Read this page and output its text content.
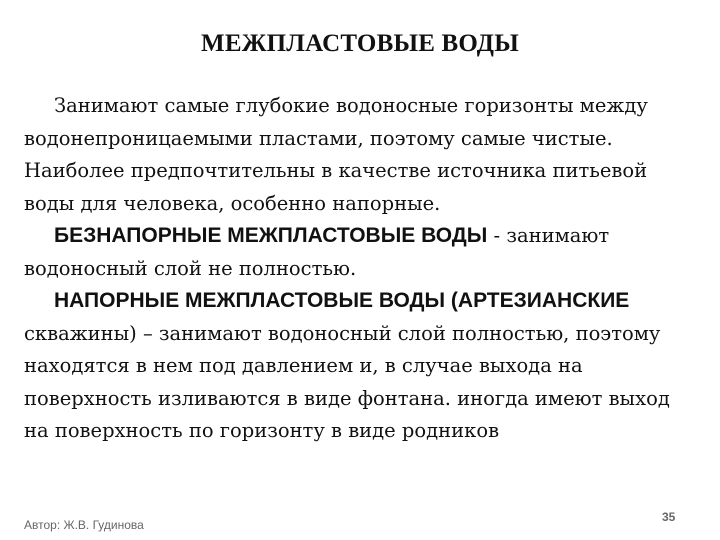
МЕЖПЛАСТОВЫЕ ВОДЫ

Занимают самые глубокие водоносные горизонты между водонепроницаемыми пластами, поэтому самые чистые. Наиболее предпочтительны в качестве источника питьевой воды для человека, особенно напорные.

БЕЗНАПОРНЫЕ МЕЖПЛАСТОВЫЕ ВОДЫ - занимают водоносный слой не полностью.

НАПОРНЫЕ МЕЖПЛАСТОВЫЕ ВОДЫ (АРТЕЗИАНСКИЕ скважины) – занимают водоносный слой полностью, поэтому находятся в нем под давлением и, в случае выхода на поверхность изливаются в виде фонтана. иногда имеют выход на поверхность по горизонту в виде родников

Автор: Ж.В. Гудинова
35
